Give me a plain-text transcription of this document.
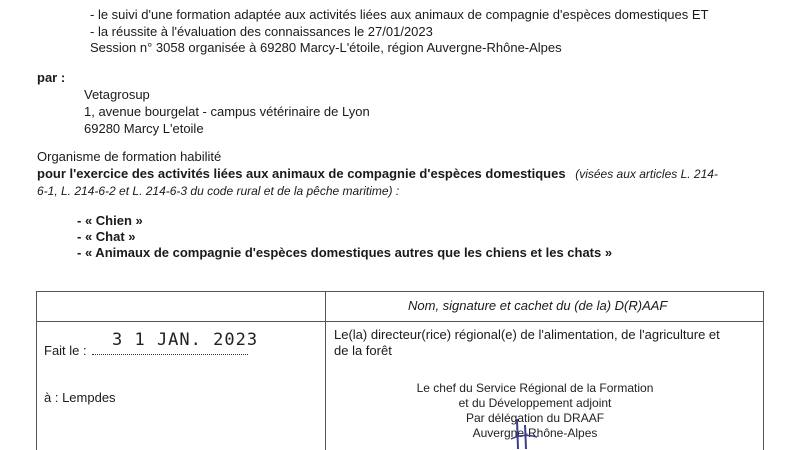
- le suivi d'une formation adaptée aux activités liées aux animaux de compagnie d'espèces domestiques ET
- la réussite à l'évaluation des connaissances le 27/01/2023
Session n° 3058 organisée à 69280 Marcy-L'étoile, région Auvergne-Rhône-Alpes
par :
Vetagrosup
1, avenue bourgelat - campus vétérinaire de Lyon
69280 Marcy L'etoile
Organisme de formation habilité
pour l'exercice des activités liées aux animaux de compagnie d'espèces domestiques (visées aux articles L. 214-
6-1, L. 214-6-2 et L. 214-6-3 du code rural et de la pêche maritime) :
- « Chien »
- « Chat »
- « Animaux de compagnie d'espèces domestiques autres que les chiens et les chats »
Nom, signature et cachet du (de la) D(R)AAF
Fait le :
3 1 JAN. 2023
à : Lempdes
Le(la) directeur(rice) régional(e) de l'alimentation, de l'agriculture et
de la forêt
Le chef du Service Régional de la Formation
et du Développement adjoint
Par délégation du DRAAF
Auvergne-Rhône-Alpes
